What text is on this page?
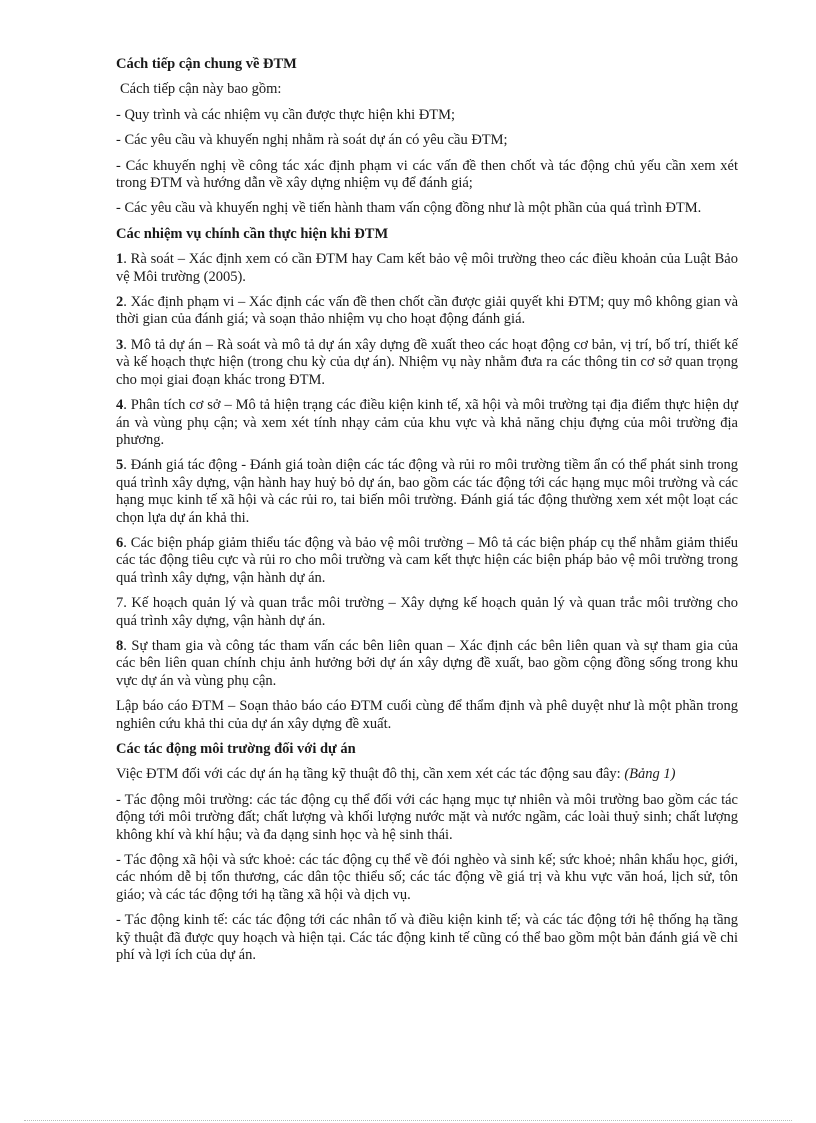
Cách tiếp cận chung về ĐTM

Cách tiếp cận này bao gồm:

- Quy trình và các nhiệm vụ cần được thực hiện khi ĐTM;

- Các yêu cầu và khuyến nghị nhằm rà soát dự án có yêu cầu ĐTM;

- Các khuyến nghị về công tác xác định phạm vi các vấn đề then chốt và tác động chủ yếu cần xem xét trong ĐTM và hướng dẫn về xây dựng nhiệm vụ để đánh giá;

- Các yêu cầu và khuyến nghị về tiến hành tham vấn cộng đồng như là một phần của quá trình ĐTM.

Các nhiệm vụ chính cần thực hiện khi ĐTM

1. Rà soát – Xác định xem có cần ĐTM hay Cam kết bảo vệ môi trường theo các điều khoản của Luật Bảo vệ Môi trường (2005).

2. Xác định phạm vi – Xác định các vấn đề then chốt cần được giải quyết khi ĐTM; quy mô không gian và thời gian của đánh giá; và soạn thảo nhiệm vụ cho hoạt động đánh giá.

3. Mô tả dự án – Rà soát và mô tả dự án xây dựng đề xuất theo các hoạt động cơ bản, vị trí, bố trí, thiết kế và kế hoạch thực hiện (trong chu kỳ của dự án). Nhiệm vụ này nhằm đưa ra các thông tin cơ sở quan trọng cho mọi giai đoạn khác trong ĐTM.

4. Phân tích cơ sở – Mô tả hiện trạng các điều kiện kinh tế, xã hội và môi trường tại địa điểm thực hiện dự án và vùng phụ cận; và xem xét tính nhạy cảm của khu vực và khả năng chịu đựng của môi trường địa phương.

5. Đánh giá tác động - Đánh giá toàn diện các tác động và rủi ro môi trường tiềm ẩn có thể phát sinh trong quá trình xây dựng, vận hành hay huỷ bỏ dự án, bao gồm các tác động tới các hạng mục môi trường và các hạng mục kinh tế xã hội và các rủi ro, tai biến môi trường. Đánh giá tác động thường xem xét một loạt các chọn lựa dự án khả thi.

6. Các biện pháp giảm thiểu tác động và bảo vệ môi trường – Mô tả các biện pháp cụ thể nhằm giảm thiểu các tác động tiêu cực và rủi ro cho môi trường và cam kết thực hiện các biện pháp bảo vệ môi trường trong quá trình xây dựng, vận hành dự án.

7. Kế hoạch quản lý và quan trắc môi trường – Xây dựng kế hoạch quản lý và quan trắc môi trường cho quá trình xây dựng, vận hành dự án.

8. Sự tham gia và công tác tham vấn các bên liên quan – Xác định các bên liên quan và sự tham gia của các bên liên quan chính chịu ảnh hưởng bởi dự án xây dựng đề xuất, bao gồm cộng đồng sống trong khu vực dự án và vùng phụ cận.

Lập báo cáo ĐTM – Soạn thảo báo cáo ĐTM cuối cùng để thẩm định và phê duyệt như là một phần trong nghiên cứu khả thi của dự án xây dựng đề xuất.

Các tác động môi trường đối với dự án

Việc ĐTM đối với các dự án hạ tầng kỹ thuật đô thị, cần xem xét các tác động sau đây: (Bảng 1)

- Tác động môi trường: các tác động cụ thể đối với các hạng mục tự nhiên và môi trường bao gồm các tác động tới môi trường đất; chất lượng và khối lượng nước mặt và nước ngầm, các loài thuỷ sinh; chất lượng không khí và khí hậu; và đa dạng sinh học và hệ sinh thái.

- Tác động xã hội và sức khoẻ: các tác động cụ thể về đói nghèo và sinh kế; sức khoẻ; nhân khẩu học, giới, các nhóm dễ bị tổn thương, các dân tộc thiểu số; các tác động về giá trị và khu vực văn hoá, lịch sử, tôn giáo; và các tác động tới hạ tầng xã hội và dịch vụ.

- Tác động kinh tế: các tác động tới các nhân tố và điều kiện kinh tế; và các tác động tới hệ thống hạ tầng kỹ thuật đã được quy hoạch và hiện tại. Các tác động kinh tế cũng có thể bao gồm một bản đánh giá về chi phí và lợi ích của dự án.
